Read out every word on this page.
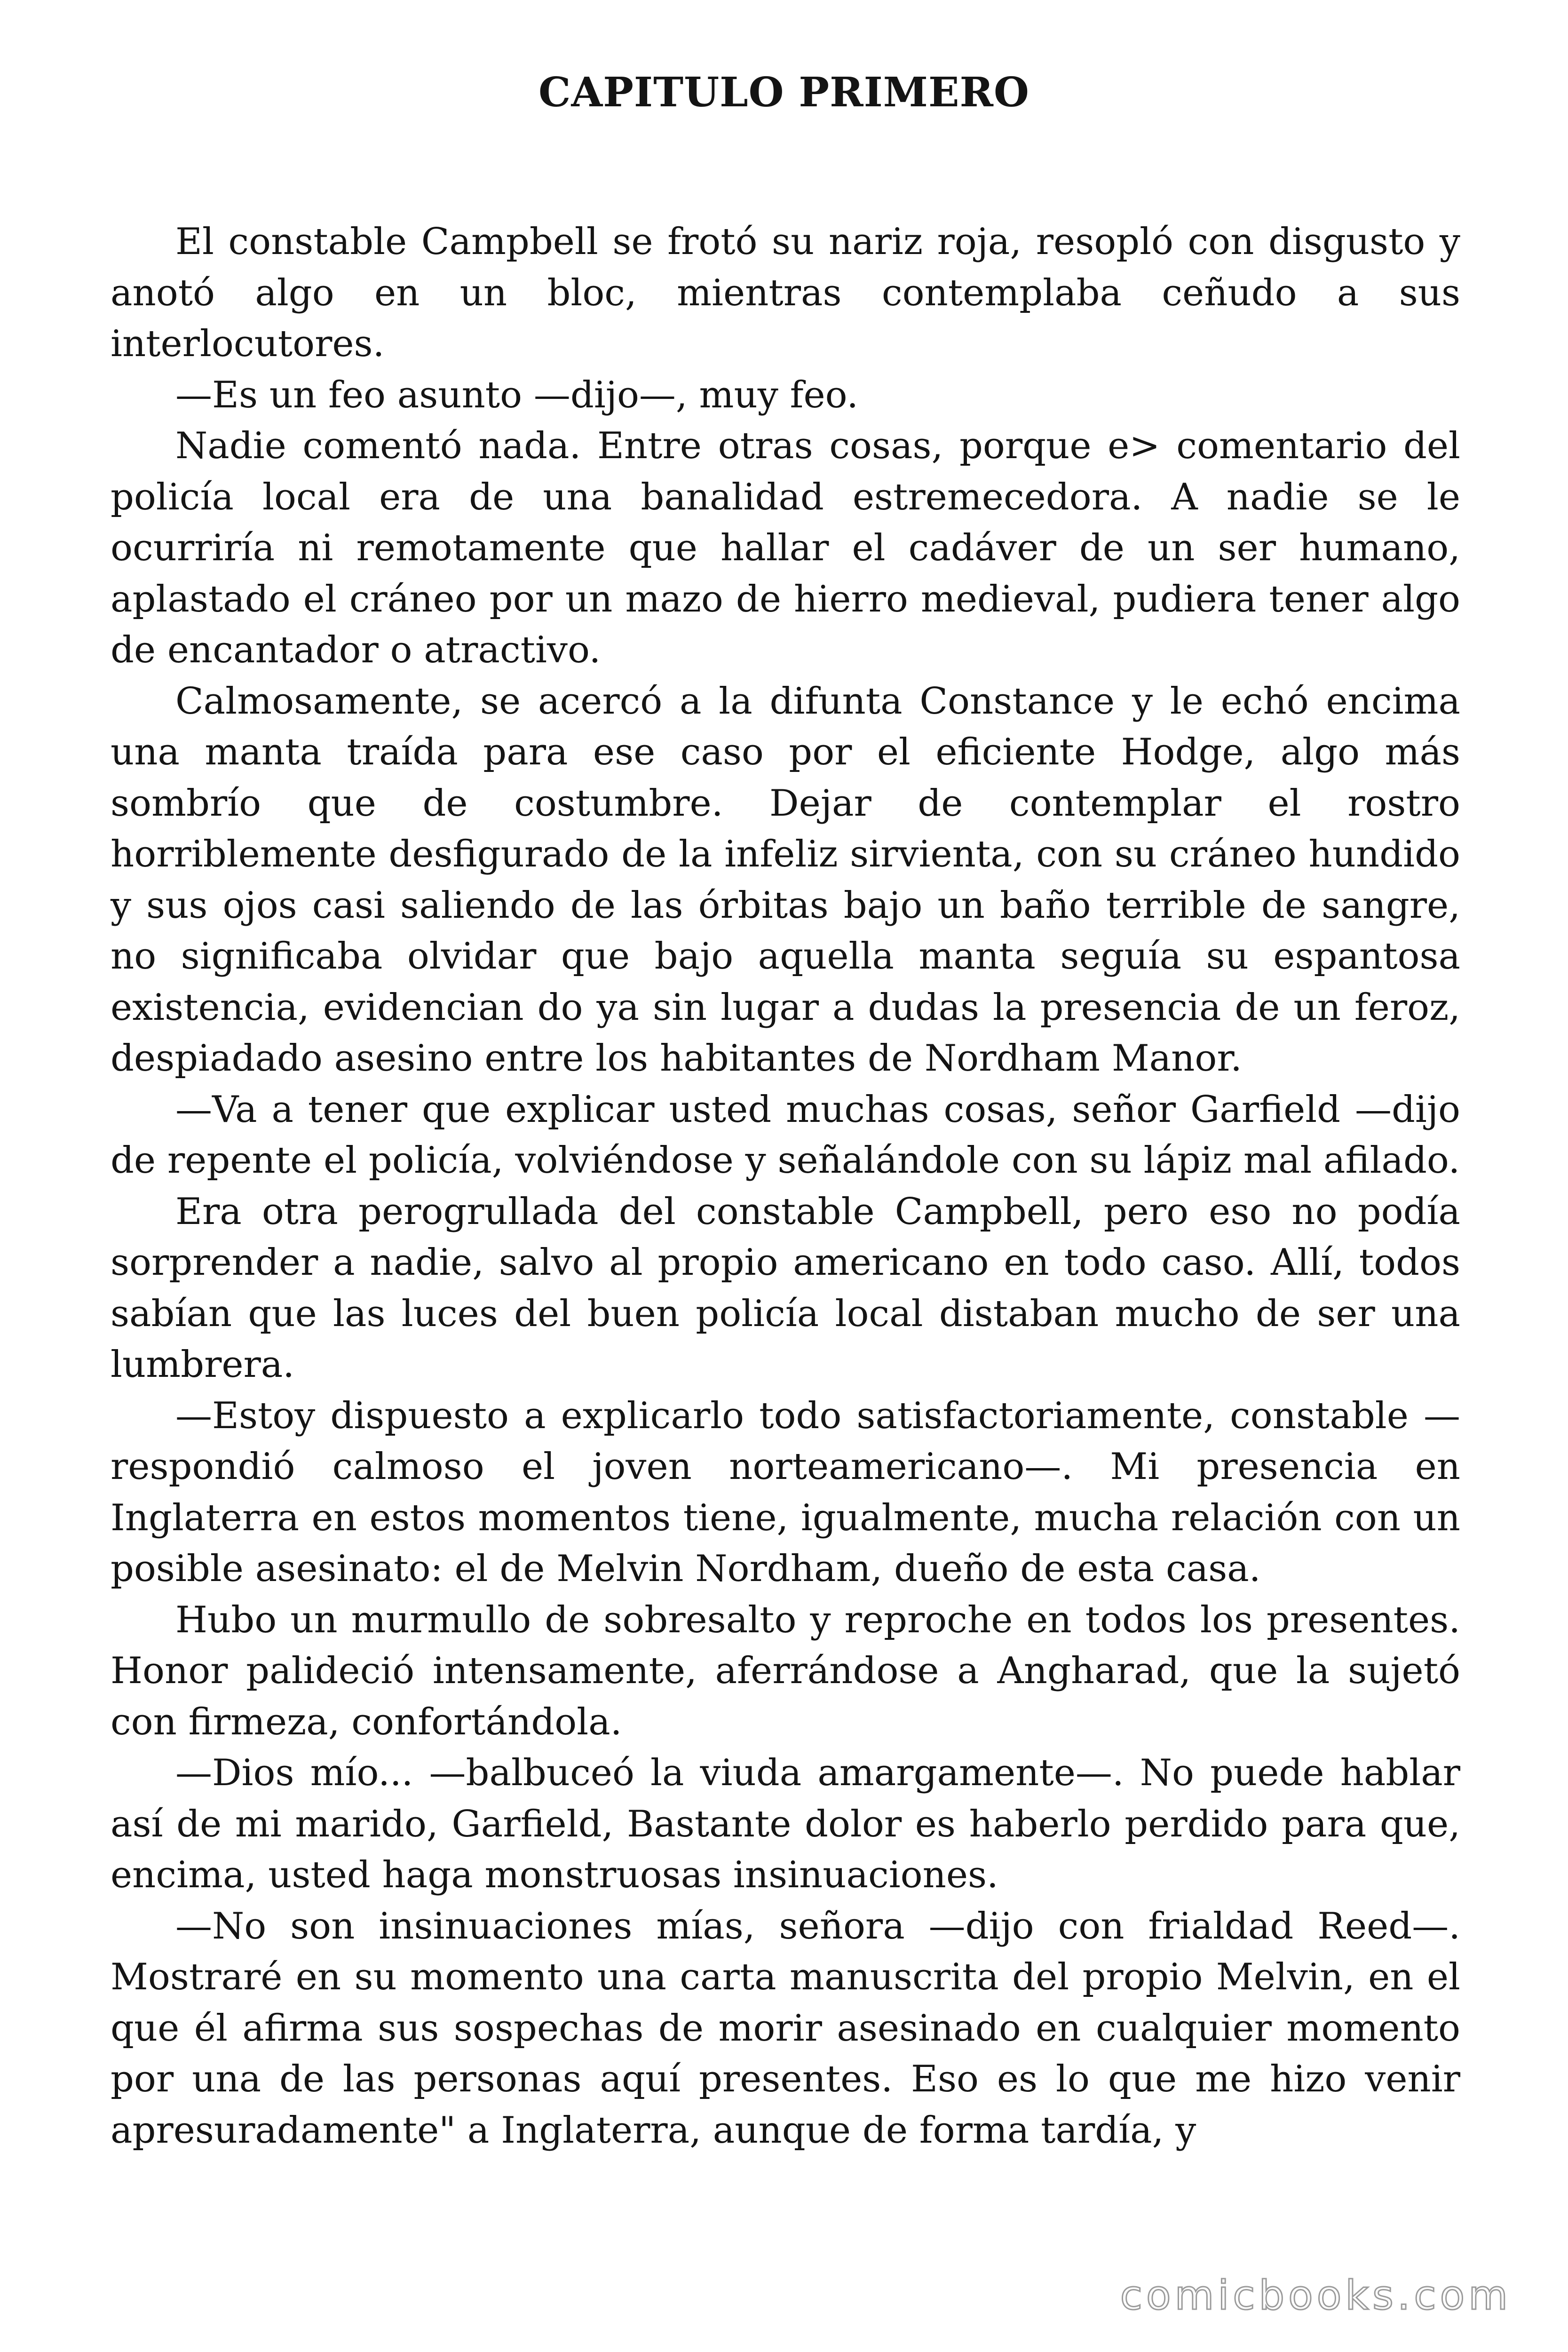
CAPITULO PRIMERO

El constable Campbell se frotó su nariz roja, resopló con disgusto y anotó algo en un bloc, mientras contemplaba ceñudo a sus interlocutores.

—Es un feo asunto —dijo—, muy feo.

Nadie comentó nada. Entre otras cosas, porque e> comentario del policía local era de una banalidad estremecedora. A nadie se le ocurriría ni remotamente que hallar el cadáver de un ser humano, aplastado el cráneo por un mazo de hierro medieval, pudiera tener algo de encantador o atractivo.

Calmosamente, se acercó a la difunta Constance y le echó encima una manta traída para ese caso por el eficiente Hodge, algo más sombrío que de costumbre. Dejar de contemplar el rostro horriblemente desfigurado de la infeliz sirvienta, con su cráneo hundido y sus ojos casi saliendo de las órbitas bajo un baño terrible de sangre, no significaba olvidar que bajo aquella manta seguía su espantosa existencia, evidencian do ya sin lugar a dudas la presencia de un feroz, despiadado asesino entre los habitantes de Nordham Manor.

—Va a tener que explicar usted muchas cosas, señor Garfield —dijo de repente el policía, volviéndose y señalándole con su lápiz mal afilado.

Era otra perogrullada del constable Campbell, pero eso no podía sorprender a nadie, salvo al propio americano en todo caso. Allí, todos sabían que las luces del buen policía local distaban mucho de ser una lumbrera.

—Estoy dispuesto a explicarlo todo satisfactoriamente, constable —respondió calmoso el joven norteamericano—. Mi presencia en Inglaterra en estos momentos tiene, igualmente, mucha relación con un posible asesinato: el de Melvin Nordham, dueño de esta casa.

Hubo un murmullo de sobresalto y reproche en todos los presentes. Honor palideció intensamente, aferrándose a Angharad, que la sujetó con firmeza, confortándola.

—Dios mío... —balbuceó la viuda amargamente—. No puede hablar así de mi marido, Garfield, Bastante dolor es haberlo perdido para que, encima, usted haga monstruosas insinuaciones.

—No son insinuaciones mías, señora —dijo con frialdad Reed—. Mostraré en su momento una carta manuscrita del propio Melvin, en el que él afirma sus sospechas de morir asesinado en cualquier momento por una de las personas aquí presentes. Eso es lo que me hizo venir apresuradamente" a Inglaterra, aunque de forma tardía, y

comicbooks.com
